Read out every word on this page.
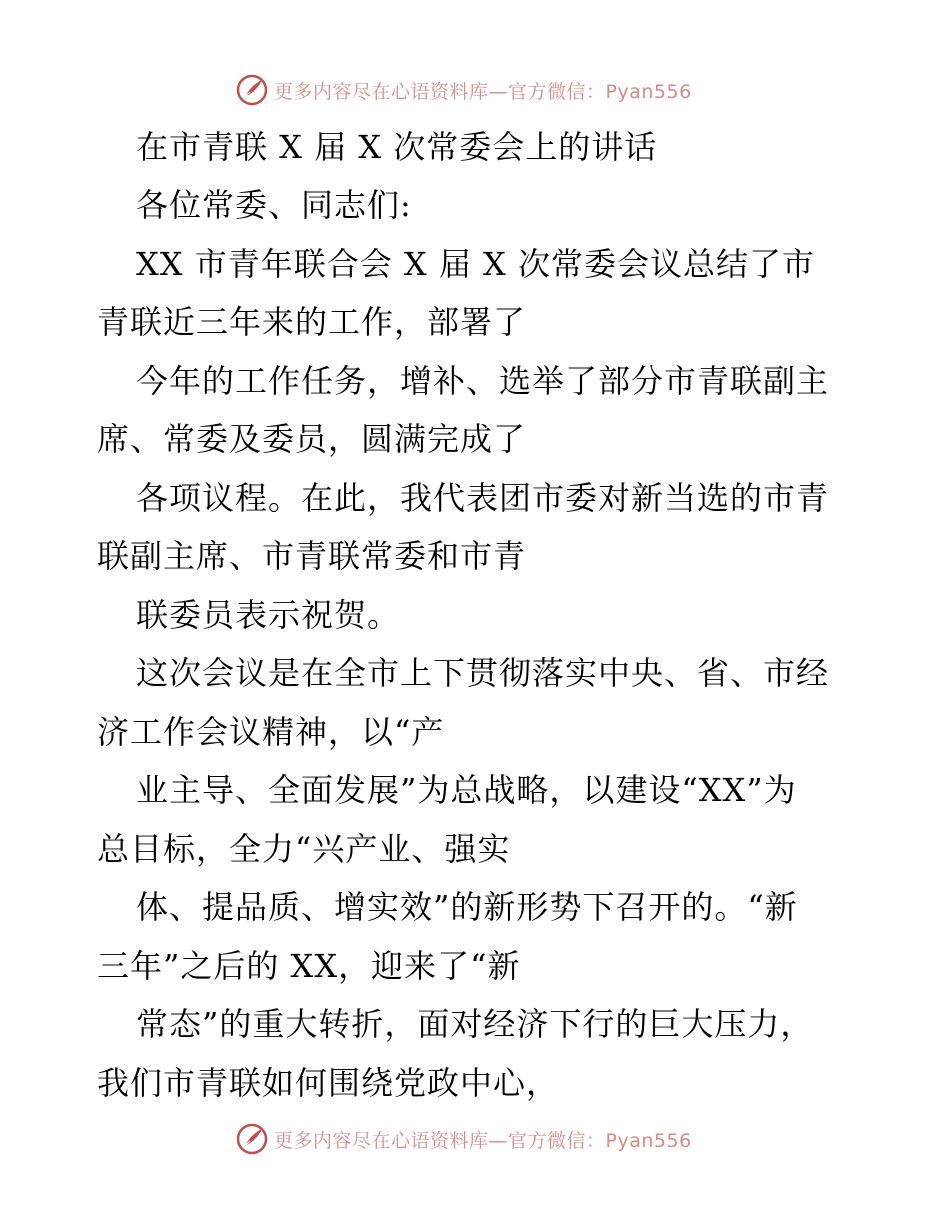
更多内容尽在心语资料库—官方微信：Pyan556
在市青联 X 届 X 次常委会上的讲话
各位常委、同志们:
XX 市青年联合会 X 届 X 次常委会议总结了市
青联近三年来的工作，部署了
今年的工作任务，增补、选举了部分市青联副主
席、常委及委员，圆满完成了
各项议程。在此，我代表团市委对新当选的市青
联副主席、市青联常委和市青
联委员表示祝贺。
这次会议是在全市上下贯彻落实中央、省、市经
济工作会议精神，以“产
业主导、全面发展”为总战略，以建设“XX”为
总目标，全力“兴产业、强实
体、提品质、增实效”的新形势下召开的。“新
三年”之后的 XX，迎来了“新
常态”的重大转折，面对经济下行的巨大压力，
我们市青联如何围绕党政中心，
更多内容尽在心语资料库—官方微信：Pyan556
